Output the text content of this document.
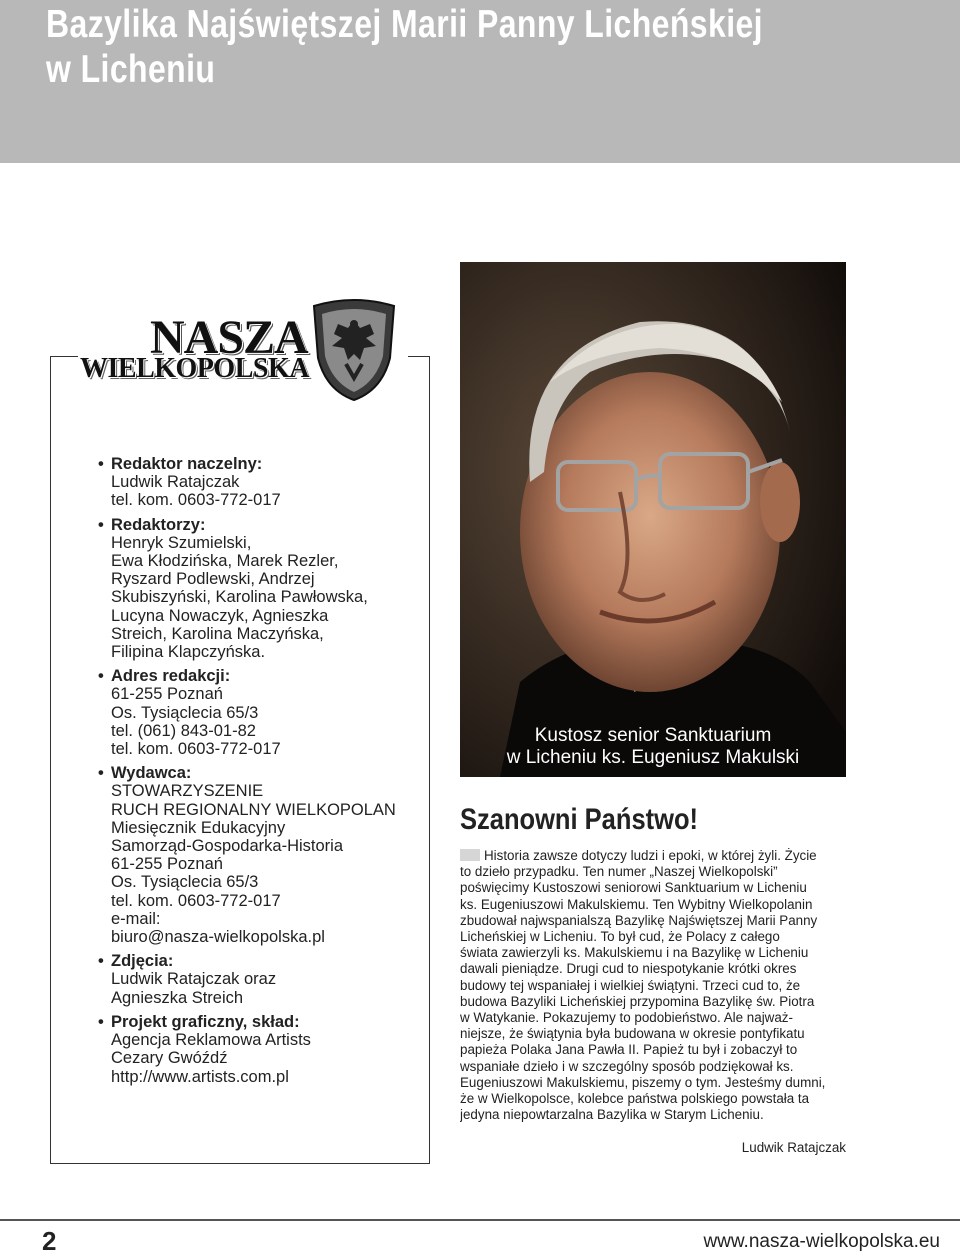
Bazylika Najświętszej Marii Panny Licheńskiej
w Licheniu
NASZA
WIELKOPOLSKA
• Redaktor naczelny:
Ludwik Ratajczak
tel. kom. 0603-772-017
• Redaktorzy:
Henryk Szumielski,
Ewa Kłodzińska, Marek Rezler,
Ryszard Podlewski, Andrzej
Skubiszyński, Karolina Pawłowska,
Lucyna Nowaczyk, Agnieszka
Streich, Karolina Maczyńska,
Filipina Klapczyńska.
• Adres redakcji:
61-255 Poznań
Os. Tysiąclecia 65/3
tel. (061) 843-01-82
tel. kom. 0603-772-017
• Wydawca:
STOWARZYSZENIE
RUCH REGIONALNY WIELKOPOLAN
Miesięcznik Edukacyjny
Samorząd-Gospodarka-Historia
61-255 Poznań
Os. Tysiąclecia 65/3
tel. kom. 0603-772-017
e-mail:
biuro@nasza-wielkopolska.pl
• Zdjęcia:
Ludwik Ratajczak oraz
Agnieszka Streich
• Projekt graficzny, skład:
Agencja Reklamowa Artists
Cezary Gwóźdź
http://www.artists.com.pl
Kustosz senior Sanktuarium
w Licheniu ks. Eugeniusz Makulski
Szanowni Państwo!
Historia zawsze dotyczy ludzi i epoki, w której żyli. Życie
to dzieło przypadku. Ten numer „Naszej Wielkopolski”
poświęcimy Kustoszowi seniorowi Sanktuarium w Licheniu
ks. Eugeniuszowi Makulskiemu. Ten Wybitny Wielkopolanin
zbudował najwspanialszą Bazylikę Najświętszej Marii Panny
Licheńskiej w Licheniu. To był cud, że Polacy z całego
świata zawierzyli ks. Makulskiemu i na Bazylikę w Licheniu
dawali pieniądze. Drugi cud to niespotykanie krótki okres
budowy tej wspaniałej i wielkiej świątyni. Trzeci cud to, że
budowa Bazyliki Licheńskiej przypomina Bazylikę św. Piotra
w Watykanie. Pokazujemy to podobieństwo. Ale najważ-
niejsze, że świątynia była budowana w okresie pontyfikatu
papieża Polaka Jana Pawła II. Papież tu był i zobaczył to
wspaniałe dzieło i w szczególny sposób podziękował ks.
Eugeniuszowi Makulskiemu, piszemy o tym. Jesteśmy dumni,
że w Wielkopolsce, kolebce państwa polskiego powstała ta
jedyna niepowtarzalna Bazylika w Starym Licheniu.
Ludwik Ratajczak
2	www.nasza-wielkopolska.eu
